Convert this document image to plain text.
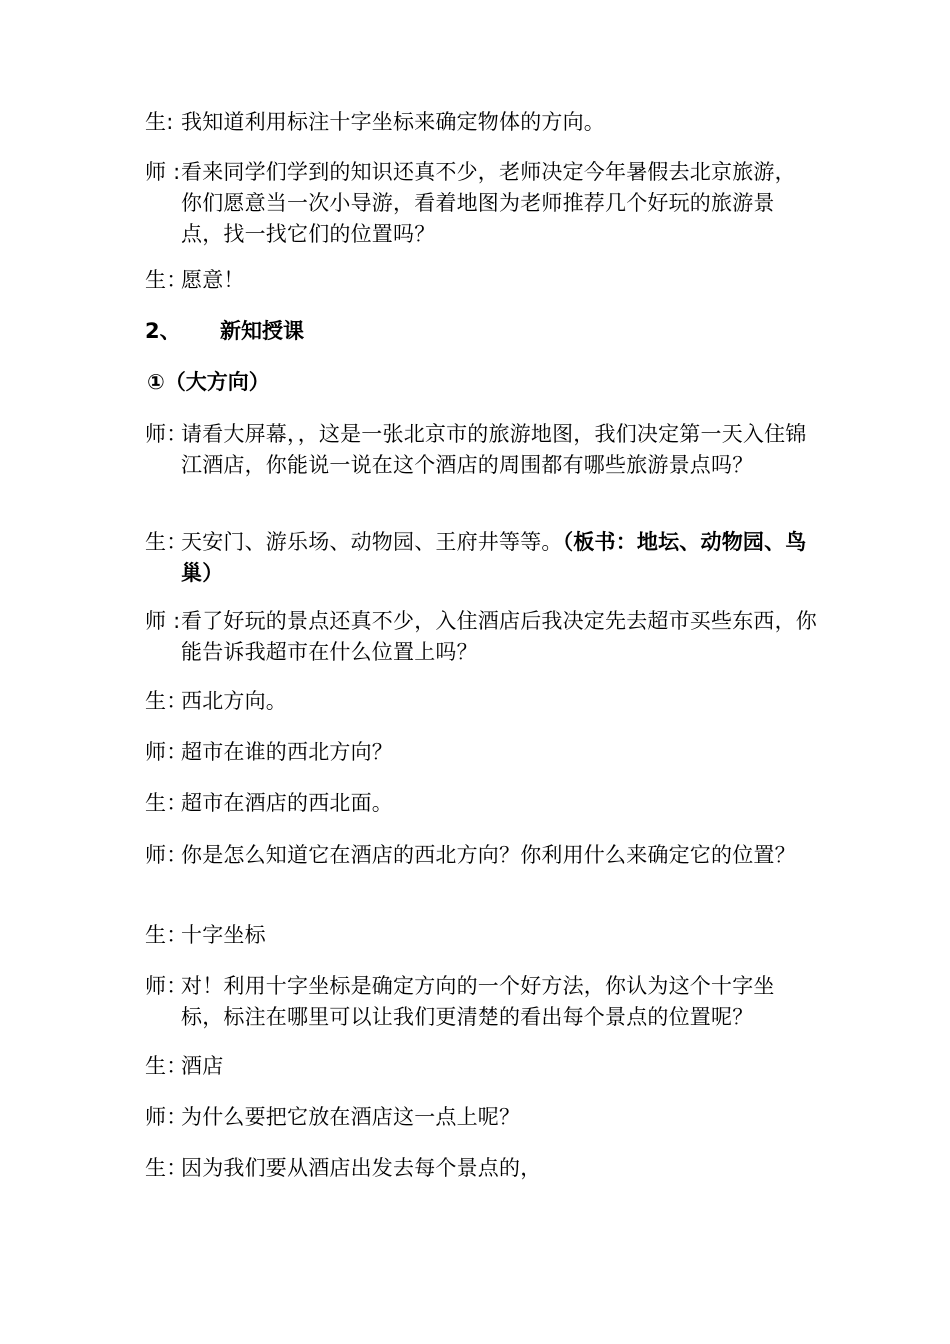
生: 我知道利用标注十字坐标来确定物体的方向。
师 : 看来同学们学到的知识还真不少，老师决定今年暑假去北京旅游，你们愿意当一次小导游，看着地图为老师推荐几个好玩的旅游景点，找一找它们的位置吗？
生：
愿意！
2、 新知授课
①（大方向）
师：
请看大屏幕，，这是一张北京市的旅游地图，我们决定第一天入住锦江酒店，你能说一说在这个酒店的周围都有哪些旅游景点吗？
生：
天安门、游乐场、动物园、王府井等等。（板书：地坛、动物园、鸟巢）
师 : 看了好玩的景点还真不少，入住酒店后我决定先去超市买些东西，你能告诉我超市在什么位置上吗？
生：
西北方向。
师：
超市在谁的西北方向？
生：
超市在酒店的西北面。
师：
你是怎么知道它在酒店的西北方向？你利用什么来确定它的位置？
生：
十字坐标
师：
对！利用十字坐标是确定方向的一个好方法，你认为这个十字坐标，标注在哪里可以让我们更清楚的看出每个景点的位置呢？
生：
酒店
师：
为什么要把它放在酒店这一点上呢？
生：
因为我们要从酒店出发去每个景点的，
